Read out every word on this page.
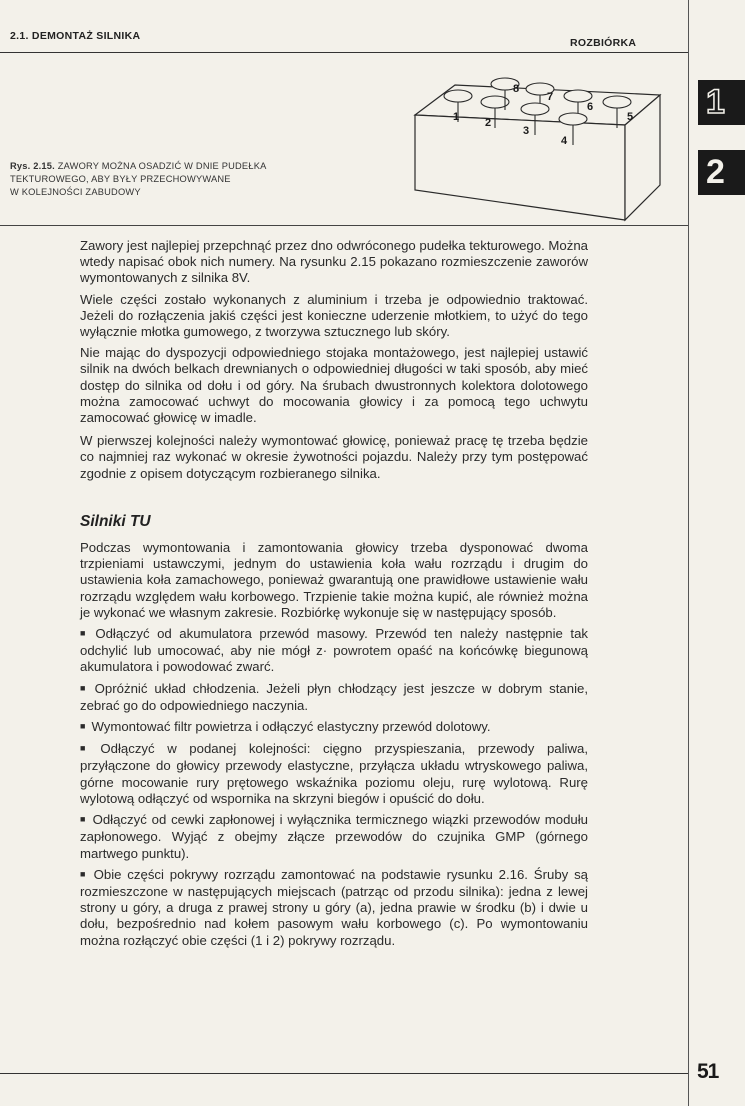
2.1. DEMONTAŻ SILNIKA
ROZBIÓRKA
1
2
1 2
3
4
5
6
7
8
Rys. 2.15. ZAWORY MOŻNA OSADZIĆ W DNIE PUDEŁKA
TEKTUROWEGO, ABY BYŁY PRZECHOWYWANE
W KOLEJNOŚCI ZABUDOWY

Zawory jest najlepiej przepchnąć przez dno odwróconego pudełka tekturowego. Można wtedy napisać obok nich numery. Na rysunku 2.15 pokazano rozmieszczenie zaworów wymontowanych z silnika 8V.

Wiele części zostało wykonanych z aluminium i trzeba je odpowiednio traktować. Jeżeli do rozłączenia jakiś części jest konieczne uderzenie młotkiem, to użyć do tego wyłącznie młotka gumowego, z tworzywa sztucznego lub skóry.

Nie mając do dyspozycji odpowiedniego stojaka montażowego, jest najlepiej ustawić silnik na dwóch belkach drewnianych o odpowiedniej długości w taki sposób, aby mieć dostęp do silnika od dołu i od góry. Na śrubach dwustronnych kolektora dolotowego można zamocować uchwyt do mocowania głowicy i za pomocą tego uchwytu zamocować głowicę w imadle.

W pierwszej kolejności należy wymontować głowicę, ponieważ pracę tę trzeba będzie co najmniej raz wykonać w okresie żywotności pojazdu. Należy przy tym postępować zgodnie z opisem dotyczącym rozbieranego silnika.

Silniki TU

Podczas wymontowania i zamontowania głowicy trzeba dysponować dwoma trzpieniami ustawczymi, jednym do ustawienia koła wału rozrządu i drugim do ustawienia koła zamachowego, ponieważ gwarantują one prawidłowe ustawienie wału rozrządu względem wału korbowego. Trzpienie takie można kupić, ale również można je wykonać we własnym zakresie. Rozbiórkę wykonuje się w następujący sposób.

■ Odłączyć od akumulatora przewód masowy. Przewód ten należy następnie tak odchylić lub umocować, aby nie mógł z· powrotem opaść na końcówkę biegunową akumulatora i powodować zwarć.

■ Opróżnić układ chłodzenia. Jeżeli płyn chłodzący jest jeszcze w dobrym stanie, zebrać go do odpowiedniego naczynia.

■ Wymontować filtr powietrza i odłączyć elastyczny przewód dolotowy.

■ Odłączyć w podanej kolejności: cięgno przyspieszania, przewody paliwa, przyłączone do głowicy przewody elastyczne, przyłącza układu wtryskowego paliwa, górne mocowanie rury prętowego wskaźnika poziomu oleju, rurę wylotową. Rurę wylotową odłączyć od wspornika na skrzyni biegów i opuścić do dołu.

■ Odłączyć od cewki zapłonowej i wyłącznika termicznego wiązki przewodów modułu zapłonowego. Wyjąć z obejmy złącze przewodów do czujnika GMP (górnego martwego punktu).

■ Obie części pokrywy rozrządu zamontować na podstawie rysunku 2.16. Śruby są rozmieszczone w następujących miejscach (patrząc od przodu silnika): jedna z lewej strony u góry, a druga z prawej strony u góry (a), jedna prawie w środku (b) i dwie u dołu, bezpośrednio nad kołem pasowym wału korbowego (c). Po wymontowaniu można rozłączyć obie części (1 i 2) pokrywy rozrządu.

51
